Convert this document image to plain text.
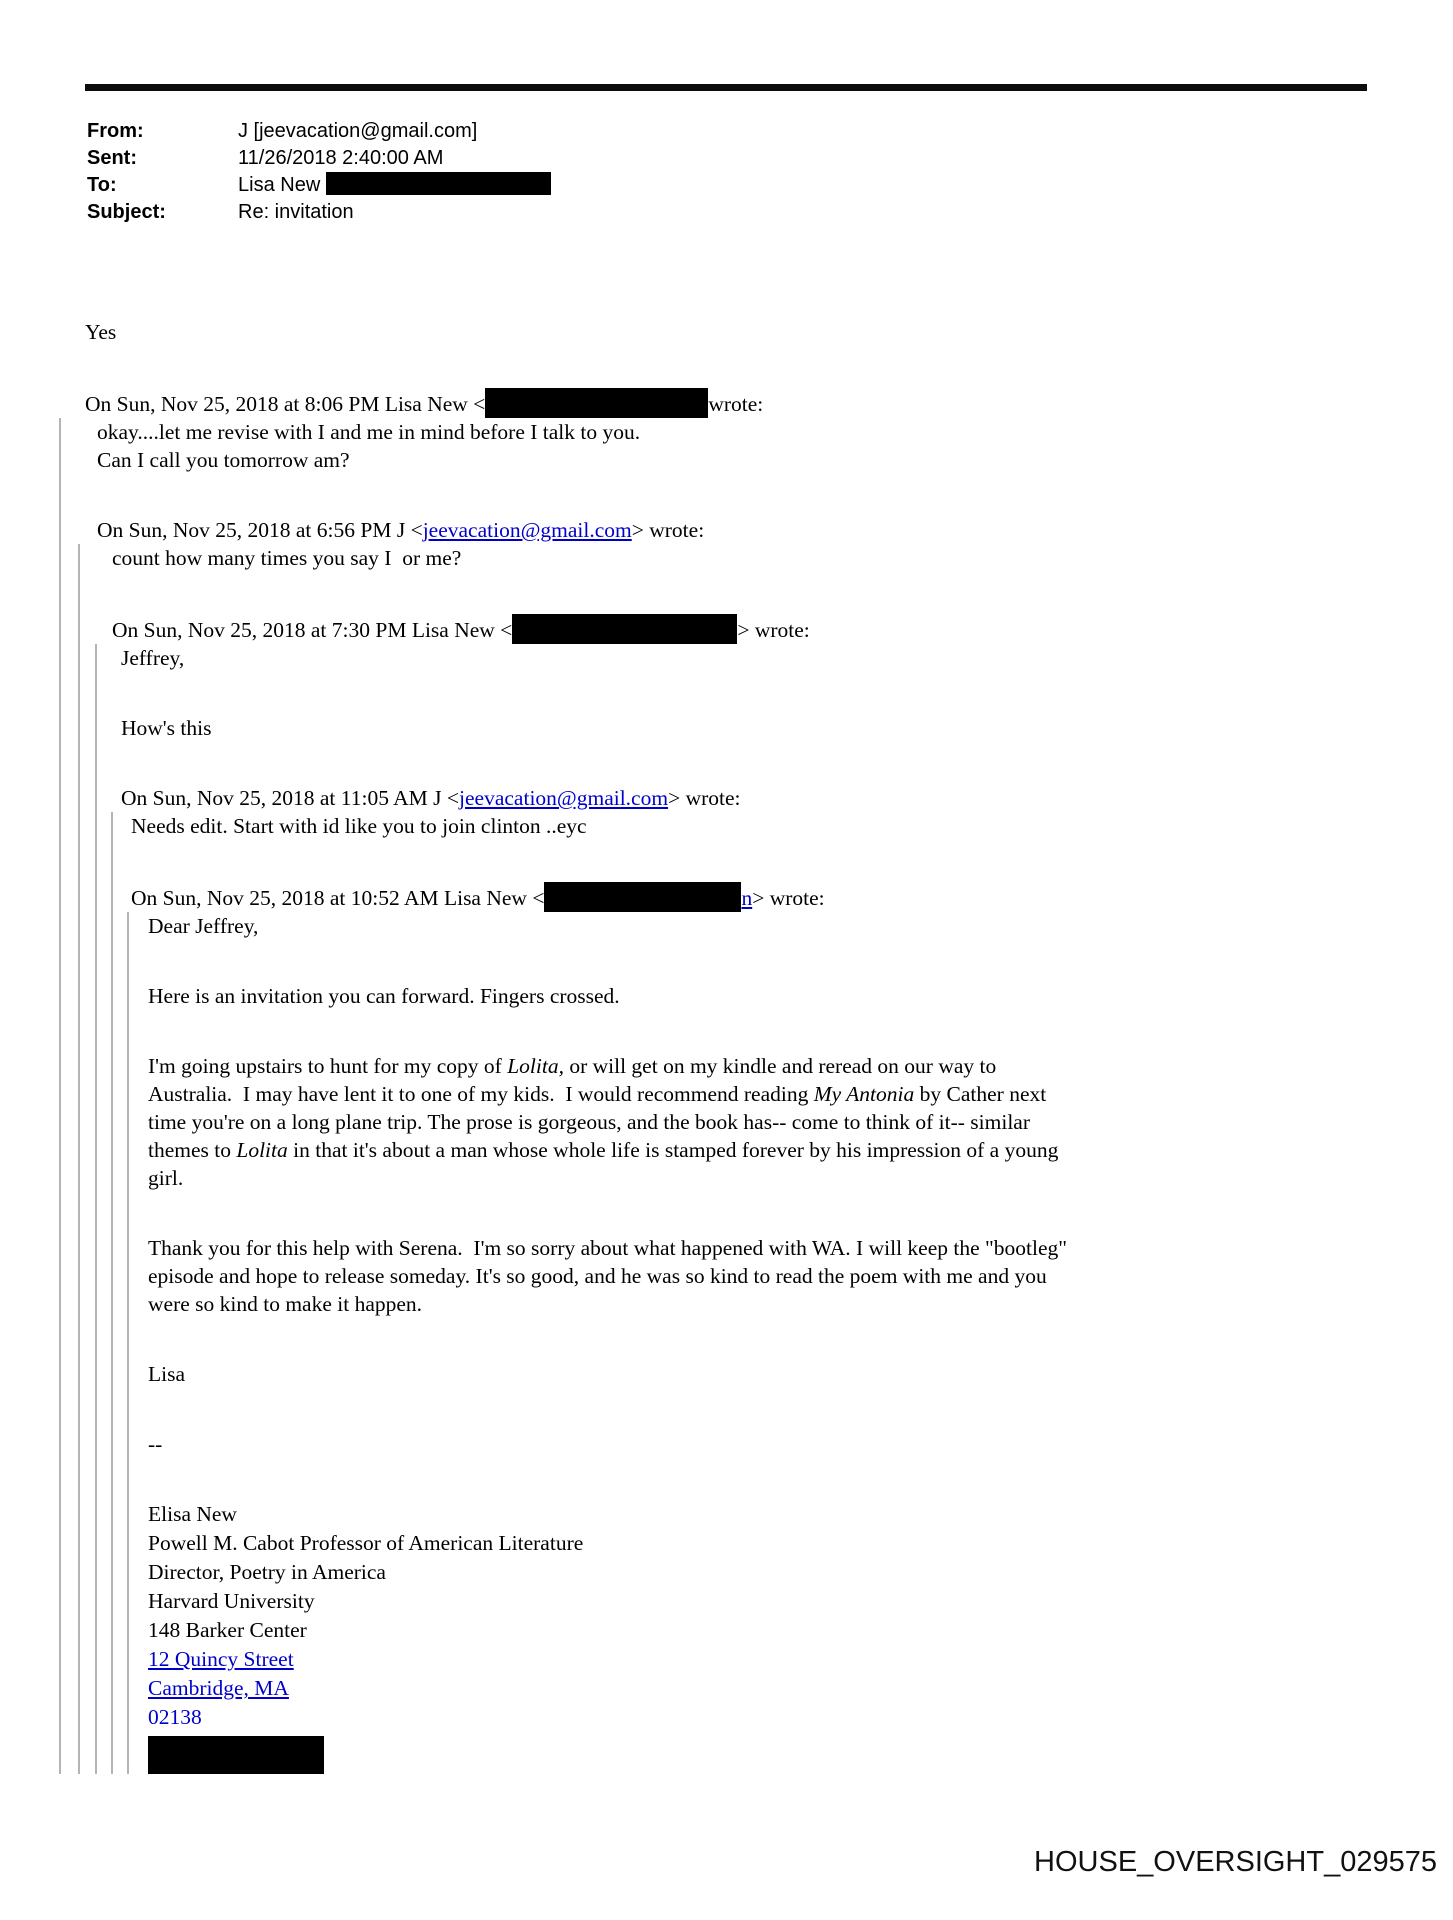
From:	J [jeevacation@gmail.com]
Sent:	11/26/2018 2:40:00 AM
To:	Lisa New
Subject:	Re: invitation
Yes
On Sun, Nov 25, 2018 at 8:06 PM Lisa New <	wrote:
okay....let me revise with I and me in mind before I talk to you.
Can I call you tomorrow am?
On Sun, Nov 25, 2018 at 6:56 PM J <jeevacation@gmail.com> wrote:
count how many times you say I  or me?
On Sun, Nov 25, 2018 at 7:30 PM Lisa New <	> wrote:
Jeffrey,
How's this
On Sun, Nov 25, 2018 at 11:05 AM J <jeevacation@gmail.com> wrote:
Needs edit. Start with id like you to join clinton ..eyc
On Sun, Nov 25, 2018 at 10:52 AM Lisa New <	n> wrote:
Dear Jeffrey,
Here is an invitation you can forward. Fingers crossed.
I'm going upstairs to hunt for my copy of Lolita, or will get on my kindle and reread on our way to
Australia.  I may have lent it to one of my kids.  I would recommend reading My Antonia by Cather next
time you're on a long plane trip. The prose is gorgeous, and the book has-- come to think of it-- similar
themes to Lolita in that it's about a man whose whole life is stamped forever by his impression of a young
girl.
Thank you for this help with Serena.  I'm so sorry about what happened with WA. I will keep the "bootleg"
episode and hope to release someday. It's so good, and he was so kind to read the poem with me and you
were so kind to make it happen.
Lisa
--
Elisa New
Powell M. Cabot Professor of American Literature
Director, Poetry in America
Harvard University
148 Barker Center
12 Quincy Street
Cambridge, MA
02138
HOUSE_OVERSIGHT_029575
